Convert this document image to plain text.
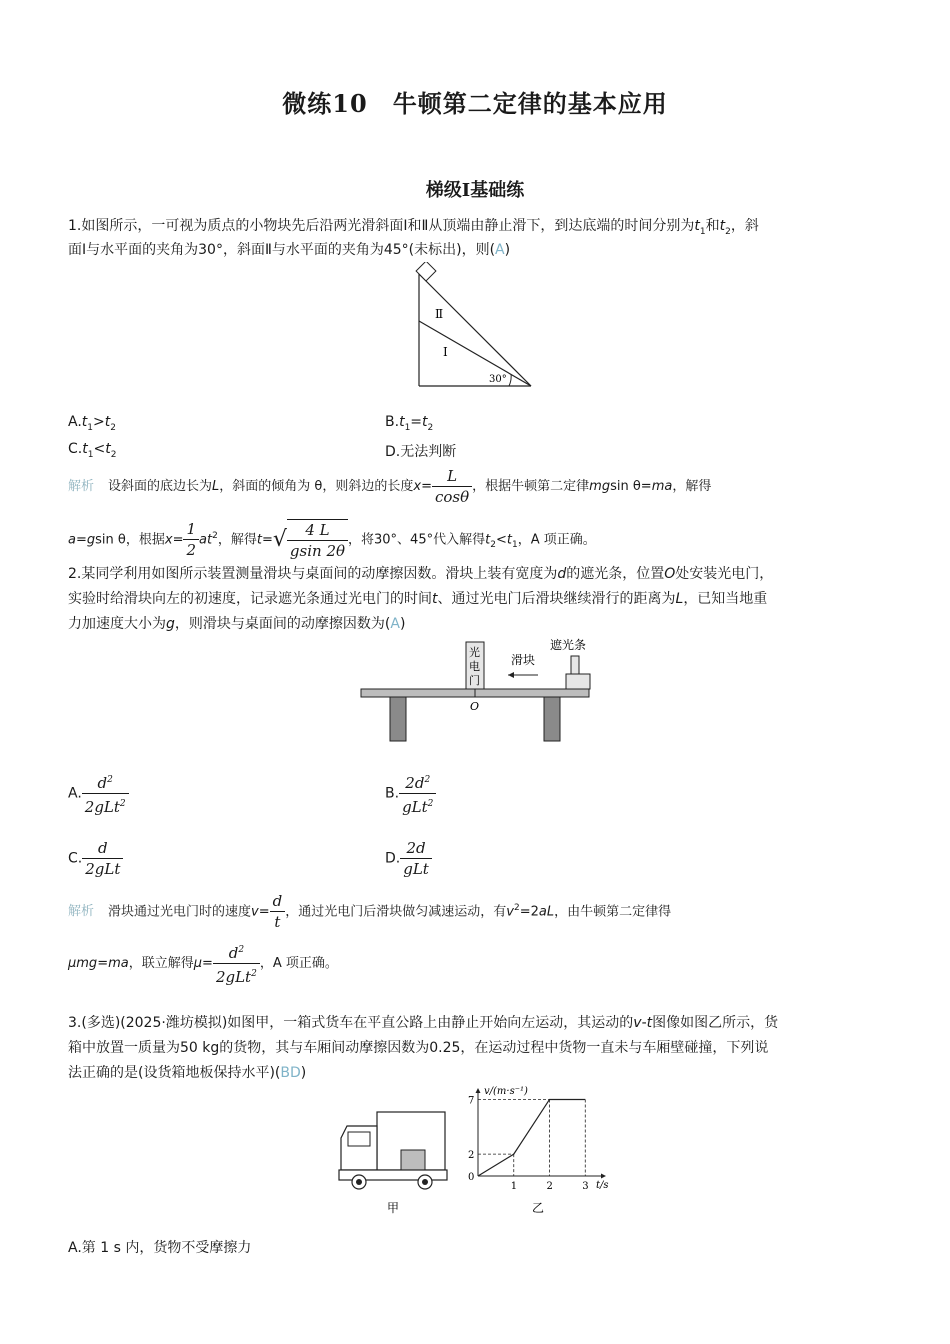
微练10　牛顿第二定律的基本应用
梯级Ⅰ基础练
1.如图所示，一可视为质点的小物块先后沿两光滑斜面Ⅰ和Ⅱ从顶端由静止滑下，到达底端的时间分别为$t_1$和$t_2$，斜
面Ⅰ与水平面的夹角为30°，斜面Ⅱ与水平面的夹角为45°(未标出)，则(A)
Ⅱ
Ⅰ
30°
$A.t_1>t_2$	$B.t_1=t_2$
$C.t_1<t_2$	D.无法判断
解析 设斜面的底边长为L，斜面的倾角为 θ，则斜边的长度$x= \frac{L}{\cos\theta}$ ，根据牛顿第二定律mgsin θ=ma，解得
a=gsin θ，根据$x= \frac{1}{2} at^2$，解得$t=√ \frac{4 L}{gsin 2\theta}$ ，将30°、45°代入解得$t_2<t_1$，A 项正确。
2.某同学利用如图所示装置测量滑块与桌面间的动摩擦因数。滑块上装有宽度为d的遮光条，位置O处安装光电门，
实验时给滑块向左的初速度，记录遮光条通过光电门的时间t、通过光电门后滑块继续滑行的距离为L，已知当地重
力加速度大小为g，则滑块与桌面间的动摩擦因数为(A)
光
电
门
O
滑块
遮光条
A. $\frac{d^2}{2gLt^2}$	B. $\frac{2d^2}{gLt^2}$
C. $\frac{d}{\text{2gLt}}$	D. $\frac{2d}{\text{gLt}}$
解析 滑块通过光电门时的速度$v= \frac{d}{t}$ ，通过光电门后滑块做匀减速运动，有$v^2=2aL$，由牛顿第二定律得
μmg=ma，联立解得$\mu= \frac{d^2}{2gLt^2}$ ，A 项正确。
3.(多选)(2025·潍坊模拟)如图甲，一箱式货车在平直公路上由静止开始向左运动，其运动的v-t图像如图乙所示，货
箱中放置一质量为50 kg的货物，其与车厢间动摩擦因数为0.25，在运动过程中货物一直未与车厢壁碰撞，下列说
法正确的是(设货箱地板保持水平)(BD)
甲
7
2
0
1	2	3
v/(m·s⁻¹)
t/s
乙
A.第 1 s 内，货物不受摩擦力
